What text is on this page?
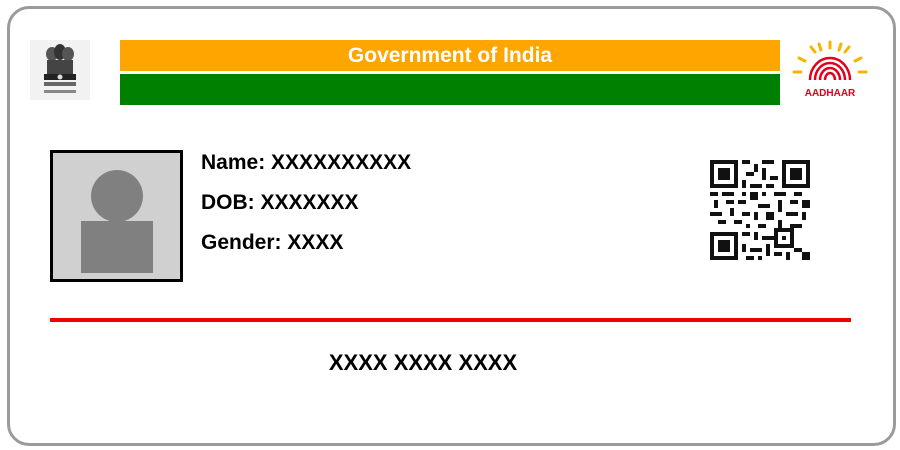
Government of India
AADHAAR
Name: XXXXXXXXXX
DOB: XXXXXXX
Gender: XXXX
XXXX XXXX XXXX
